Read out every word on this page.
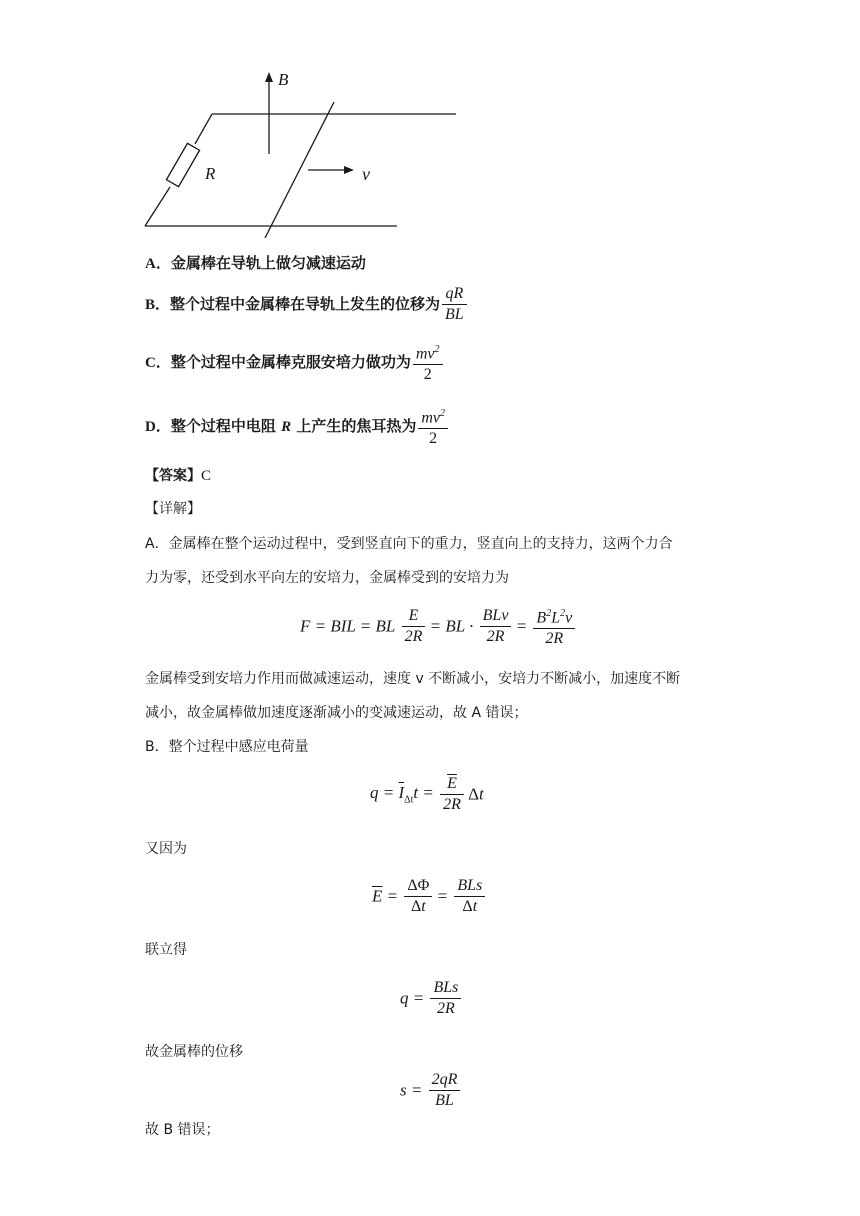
B
R	v
A．金属棒在导轨上做匀减速运动
B．整个过程中金属棒在导轨上发生的位移为 $\frac{qR}{BL}$
C．整个过程中金属棒克服安培力做功为 $\frac{mv^2}{2}$
D．整个过程中电阻 R 上产生的焦耳热为 $\frac{mv^2}{2}$
【答案】C
【详解】
A．金属棒在整个运动过程中，受到竖直向下的重力，竖直向上的支持力，这两个力合
力为零，还受到水平向左的安培力，金属棒受到的安培力为
F = BIL = BL $\frac{E}{2R}$ = BL · $\frac{\text{BLv}}{2R} = \frac{B^2L^2v}{2R}$
金属棒受到安培力作用而做减速运动，速度 v 不断减小，安培力不断减小，加速度不断
减小，故金属棒做加速度逐渐减小的变减速运动，故 A 错误；
B．整个过程中感应电荷量
$q = \overline{I}_{\Delta t}t = \frac{\overline{E}}{2R}$ Δt
又因为
$\overline{E} = \frac{\Delta\Phi}{\Delta t} = \frac{\text{BLs}}{\Delta t}$
联立得
$q = \frac{\text{BLs}}{2R}$
故金属棒的位移
$s = \frac{2qR}{BL}$
故 B 错误；
